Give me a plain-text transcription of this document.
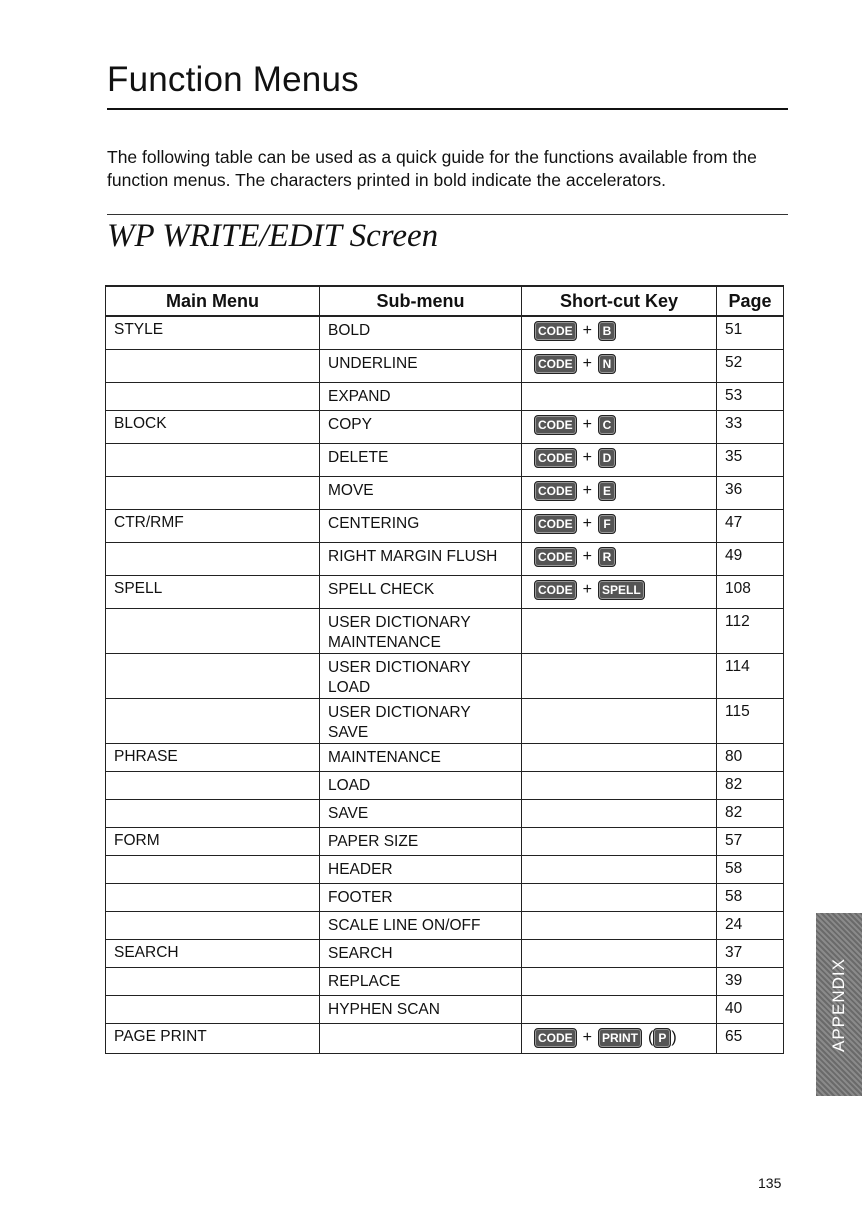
Function Menus
The following table can be used as a quick guide for the functions available from the function menus. The characters printed in bold indicate the accelerators.
WP WRITE/EDIT Screen
Main Menu	Sub-menu	Short-cut Key	Page
STYLE	BOLD	CODE + B	51
	UNDERLINE	CODE + N	52
	EXPAND		53
BLOCK	COPY	CODE + C	33
	DELETE	CODE + D	35
	MOVE	CODE + E	36
CTR/RMF	CENTERING	CODE + F	47
	RIGHT MARGIN FLUSH	CODE + R	49
SPELL	SPELL CHECK	CODE + SPELL	108
	USER DICTIONARY MAINTENANCE		112
	USER DICTIONARY LOAD		114
	USER DICTIONARY SAVE		115
PHRASE	MAINTENANCE		80
	LOAD		82
	SAVE		82
FORM	PAPER SIZE		57
	HEADER		58
	FOOTER		58
	SCALE LINE ON/OFF		24
SEARCH	SEARCH		37
	REPLACE		39
	HYPHEN SCAN		40
PAGE PRINT		CODE + PRINT ( P )	65	APPENDIX
135
